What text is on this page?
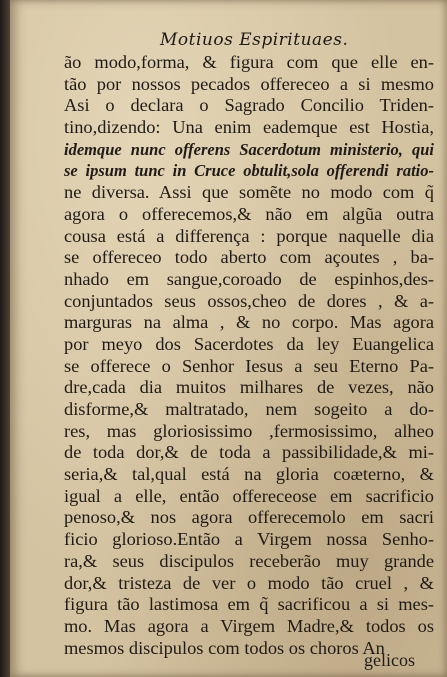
Motiuos Espirituaes.
ão modo,forma, & figura com que elle en-
tão por nossos pecados offereceo a si mesmo
Asi o declara o Sagrado Concilio Triden-
tino,dizendo: Una enim eademque est Hostia,
idemque nunc offerens Sacerdotum ministerio, qui
se ipsum tunc in Cruce obtulit,sola offerendi ratio-
ne diversa. Assi que somẽte no modo com q̃
agora o offerecemos,& não em algũa outra
cousa está a differença : porque naquelle dia
se offereceo todo aberto com açoutes , ba-
nhado em sangue,coroado de espinhos,des-
conjuntados seus ossos,cheo de dores , & a-
marguras na alma , & no corpo. Mas agora
por meyo dos Sacerdotes da ley Euangelica
se offerece o Senhor Iesus a seu Eterno Pa-
dre,cada dia muitos milhares de vezes, não
disforme,& maltratado, nem sogeito a do-
res, mas gloriosissimo ,fermosissimo, alheo
de toda dor,& de toda a passibilidade,& mi-
seria,& tal,qual está na gloria coæterno, &
igual a elle, então offereceose em sacrificio
penoso,& nos agora offerecemolo em sacri
ficio glorioso.Então a Virgem nossa Senho-
ra,& seus discipulos receberão muy grande
dor,& tristeza de ver o modo tão cruel , &
figura tão lastimosa em q̃ sacrificou a si mes-
mo. Mas agora a Virgem Madre,& todos os
mesmos discipulos com todos os choros An
gelicos
